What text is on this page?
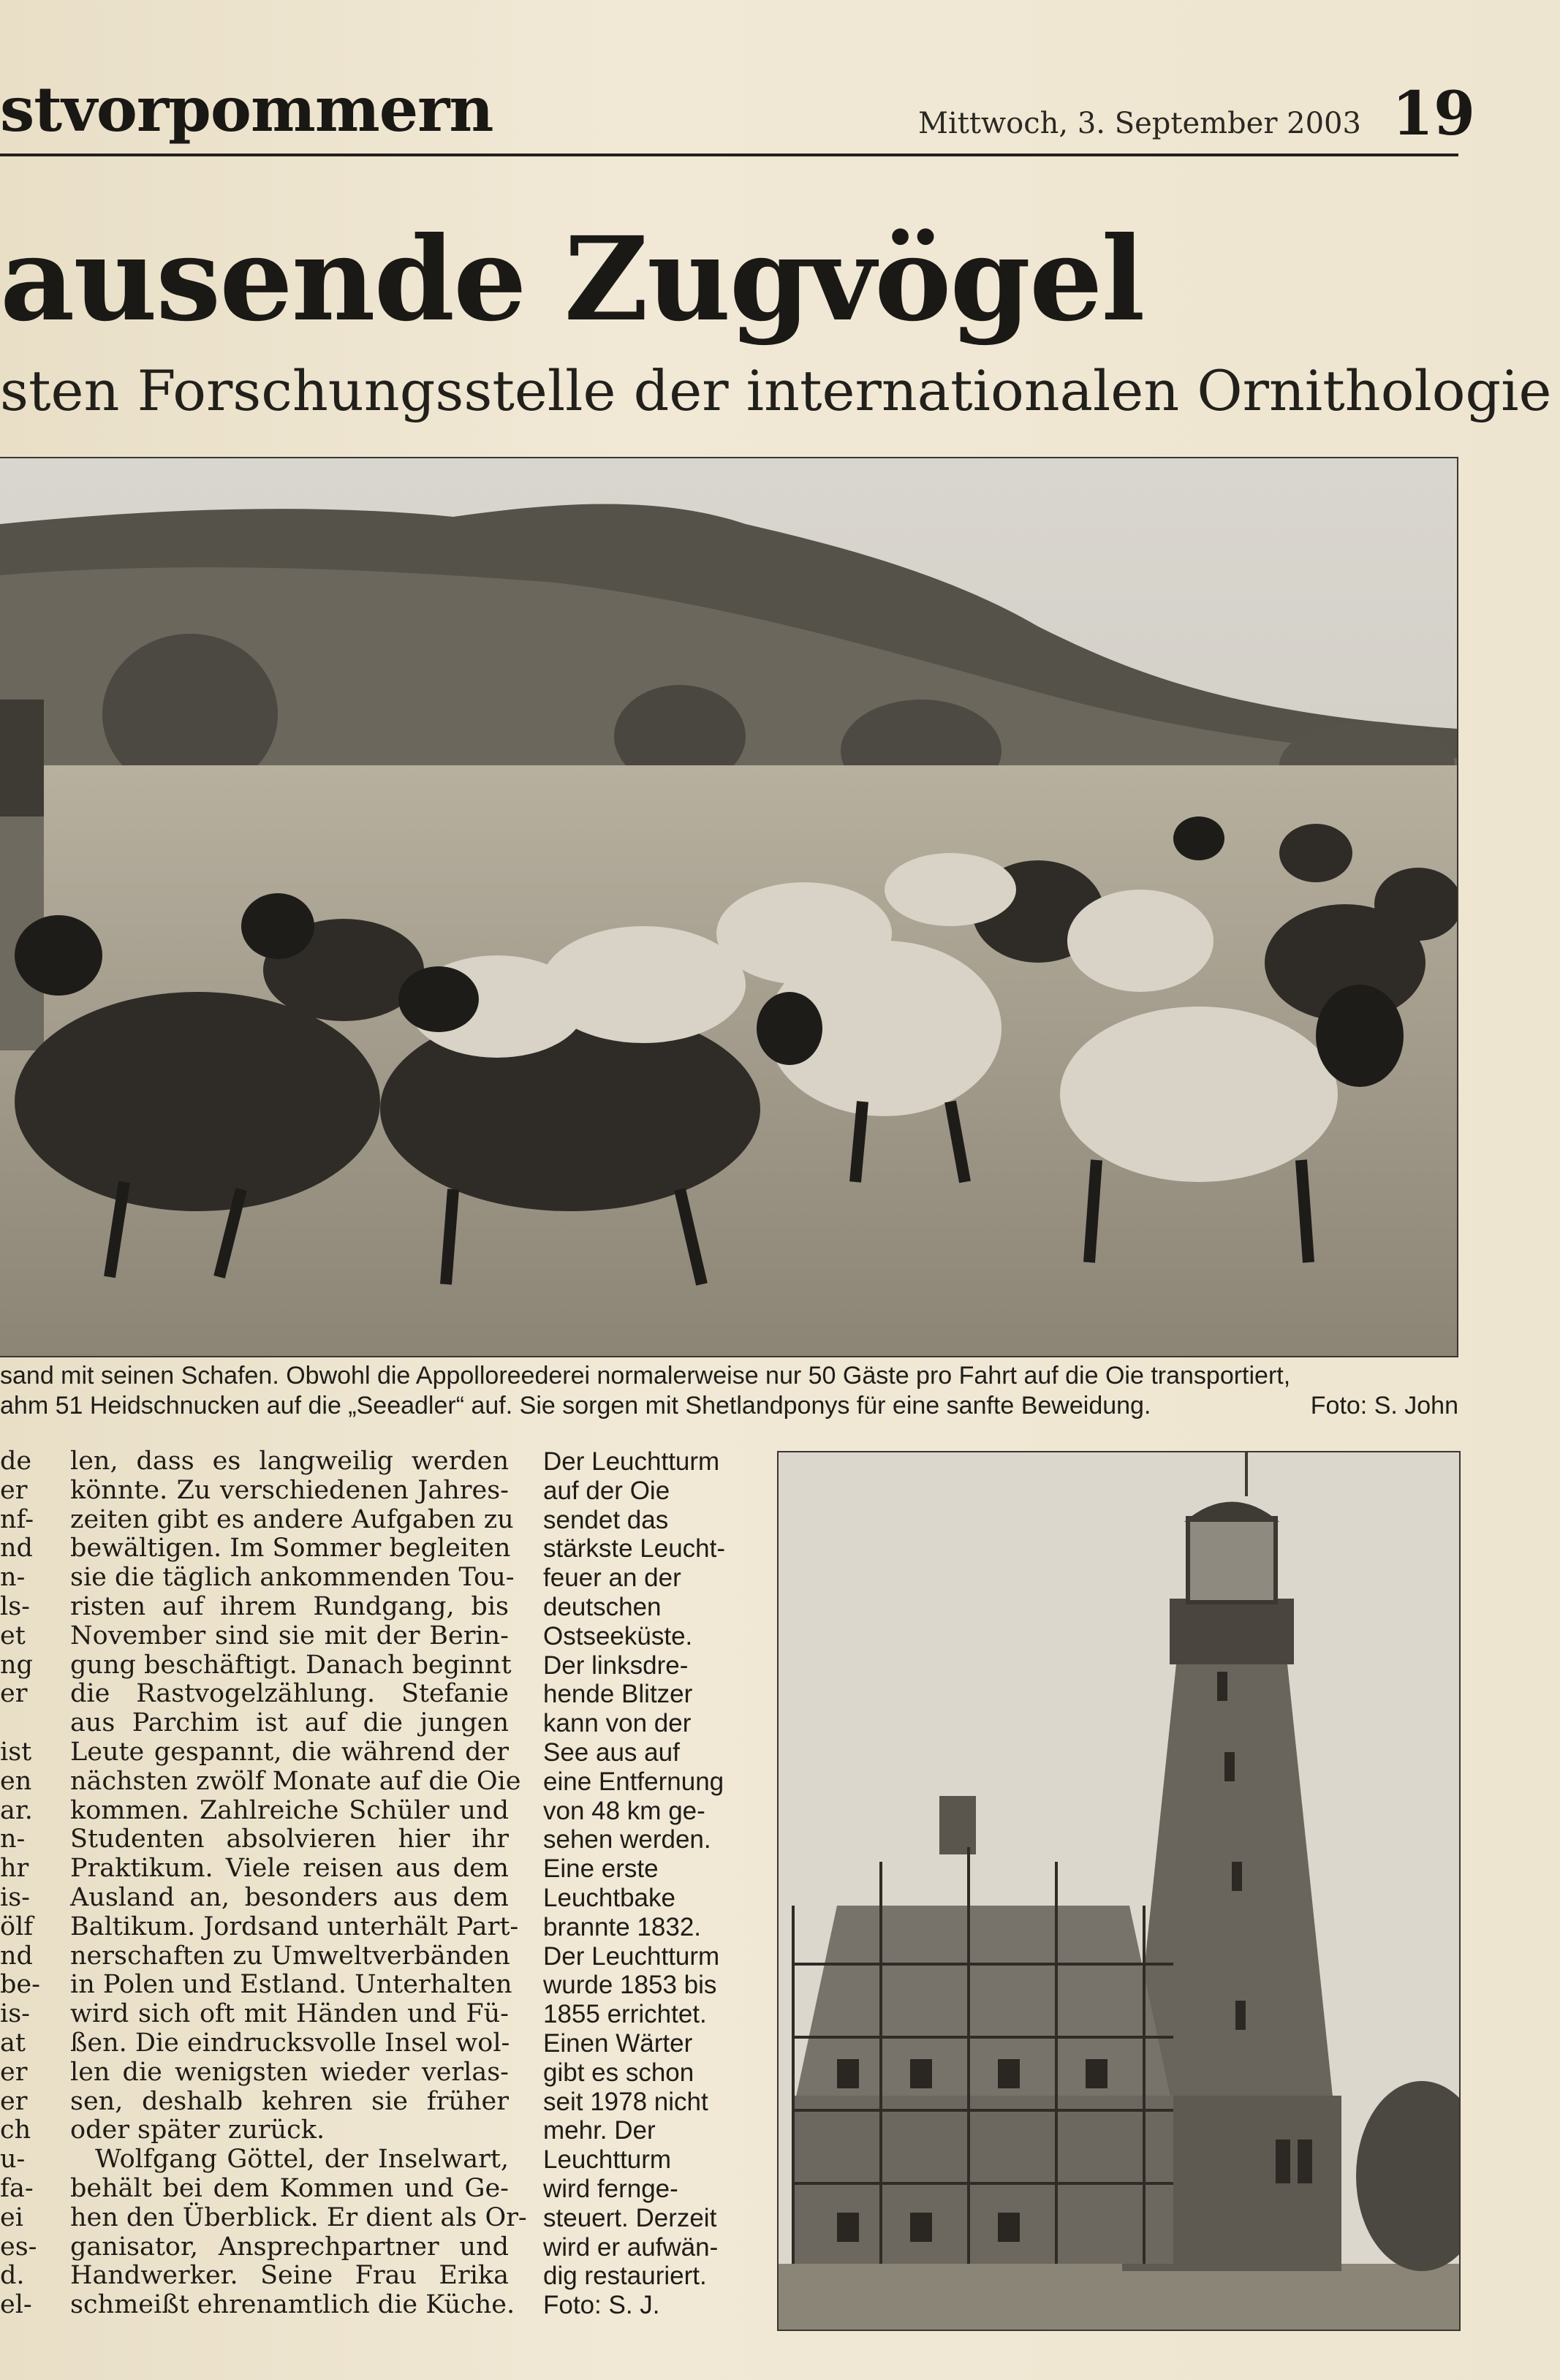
stvorpommern	Mittwoch, 3. September 2003 19
ausende Zugvögel
sten Forschungsstelle der internationalen Ornithologie
sand mit seinen Schafen. Obwohl die Appolloreederei normalerweise nur 50 Gäste pro Fahrt auf die Oie transportiert,
ahm 51 Heidschnucken auf die „Seeadler“ auf. Sie sorgen mit Shetlandponys für eine sanfte Beweidung.	Foto: S. John
de
er
nf-
nd
n-
ls-
et
ng
er

ist
en
ar.
n-
hr
is-
ölf
nd
be-
is-
at
er
er
ch
u-
fa-
ei
es-
d.
el-
len, dass es langweilig werden
könnte. Zu verschiedenen Jahres-
zeiten gibt es andere Aufgaben zu
bewältigen. Im Sommer begleiten
sie die täglich ankommenden Tou-
risten auf ihrem Rundgang, bis
November sind sie mit der Berin-
gung beschäftigt. Danach beginnt
die Rastvogelzählung. Stefanie
aus Parchim ist auf die jungen
Leute gespannt, die während der
nächsten zwölf Monate auf die Oie
kommen. Zahlreiche Schüler und
Studenten absolvieren hier ihr
Praktikum. Viele reisen aus dem
Ausland an, besonders aus dem
Baltikum. Jordsand unterhält Part-
nerschaften zu Umweltverbänden
in Polen und Estland. Unterhalten
wird sich oft mit Händen und Fü-
ßen. Die eindrucksvolle Insel wol-
len die wenigsten wieder verlas-
sen, deshalb kehren sie früher
oder später zurück.
Wolfgang Göttel, der Inselwart,
behält bei dem Kommen und Ge-
hen den Überblick. Er dient als Or-
ganisator, Ansprechpartner und
Handwerker. Seine Frau Erika
schmeißt ehrenamtlich die Küche.
Der Leuchtturm
auf der Oie
sendet das
stärkste Leucht-
feuer an der
deutschen
Ostseeküste.
Der linksdre-
hende Blitzer
kann von der
See aus auf
eine Entfernung
von 48 km ge-
sehen werden.
Eine erste
Leuchtbake
brannte 1832.
Der Leuchtturm
wurde 1853 bis
1855 errichtet.
Einen Wärter
gibt es schon
seit 1978 nicht
mehr. Der
Leuchtturm
wird fernge-
steuert. Derzeit
wird er aufwän-
dig restauriert.
Foto: S. J.
